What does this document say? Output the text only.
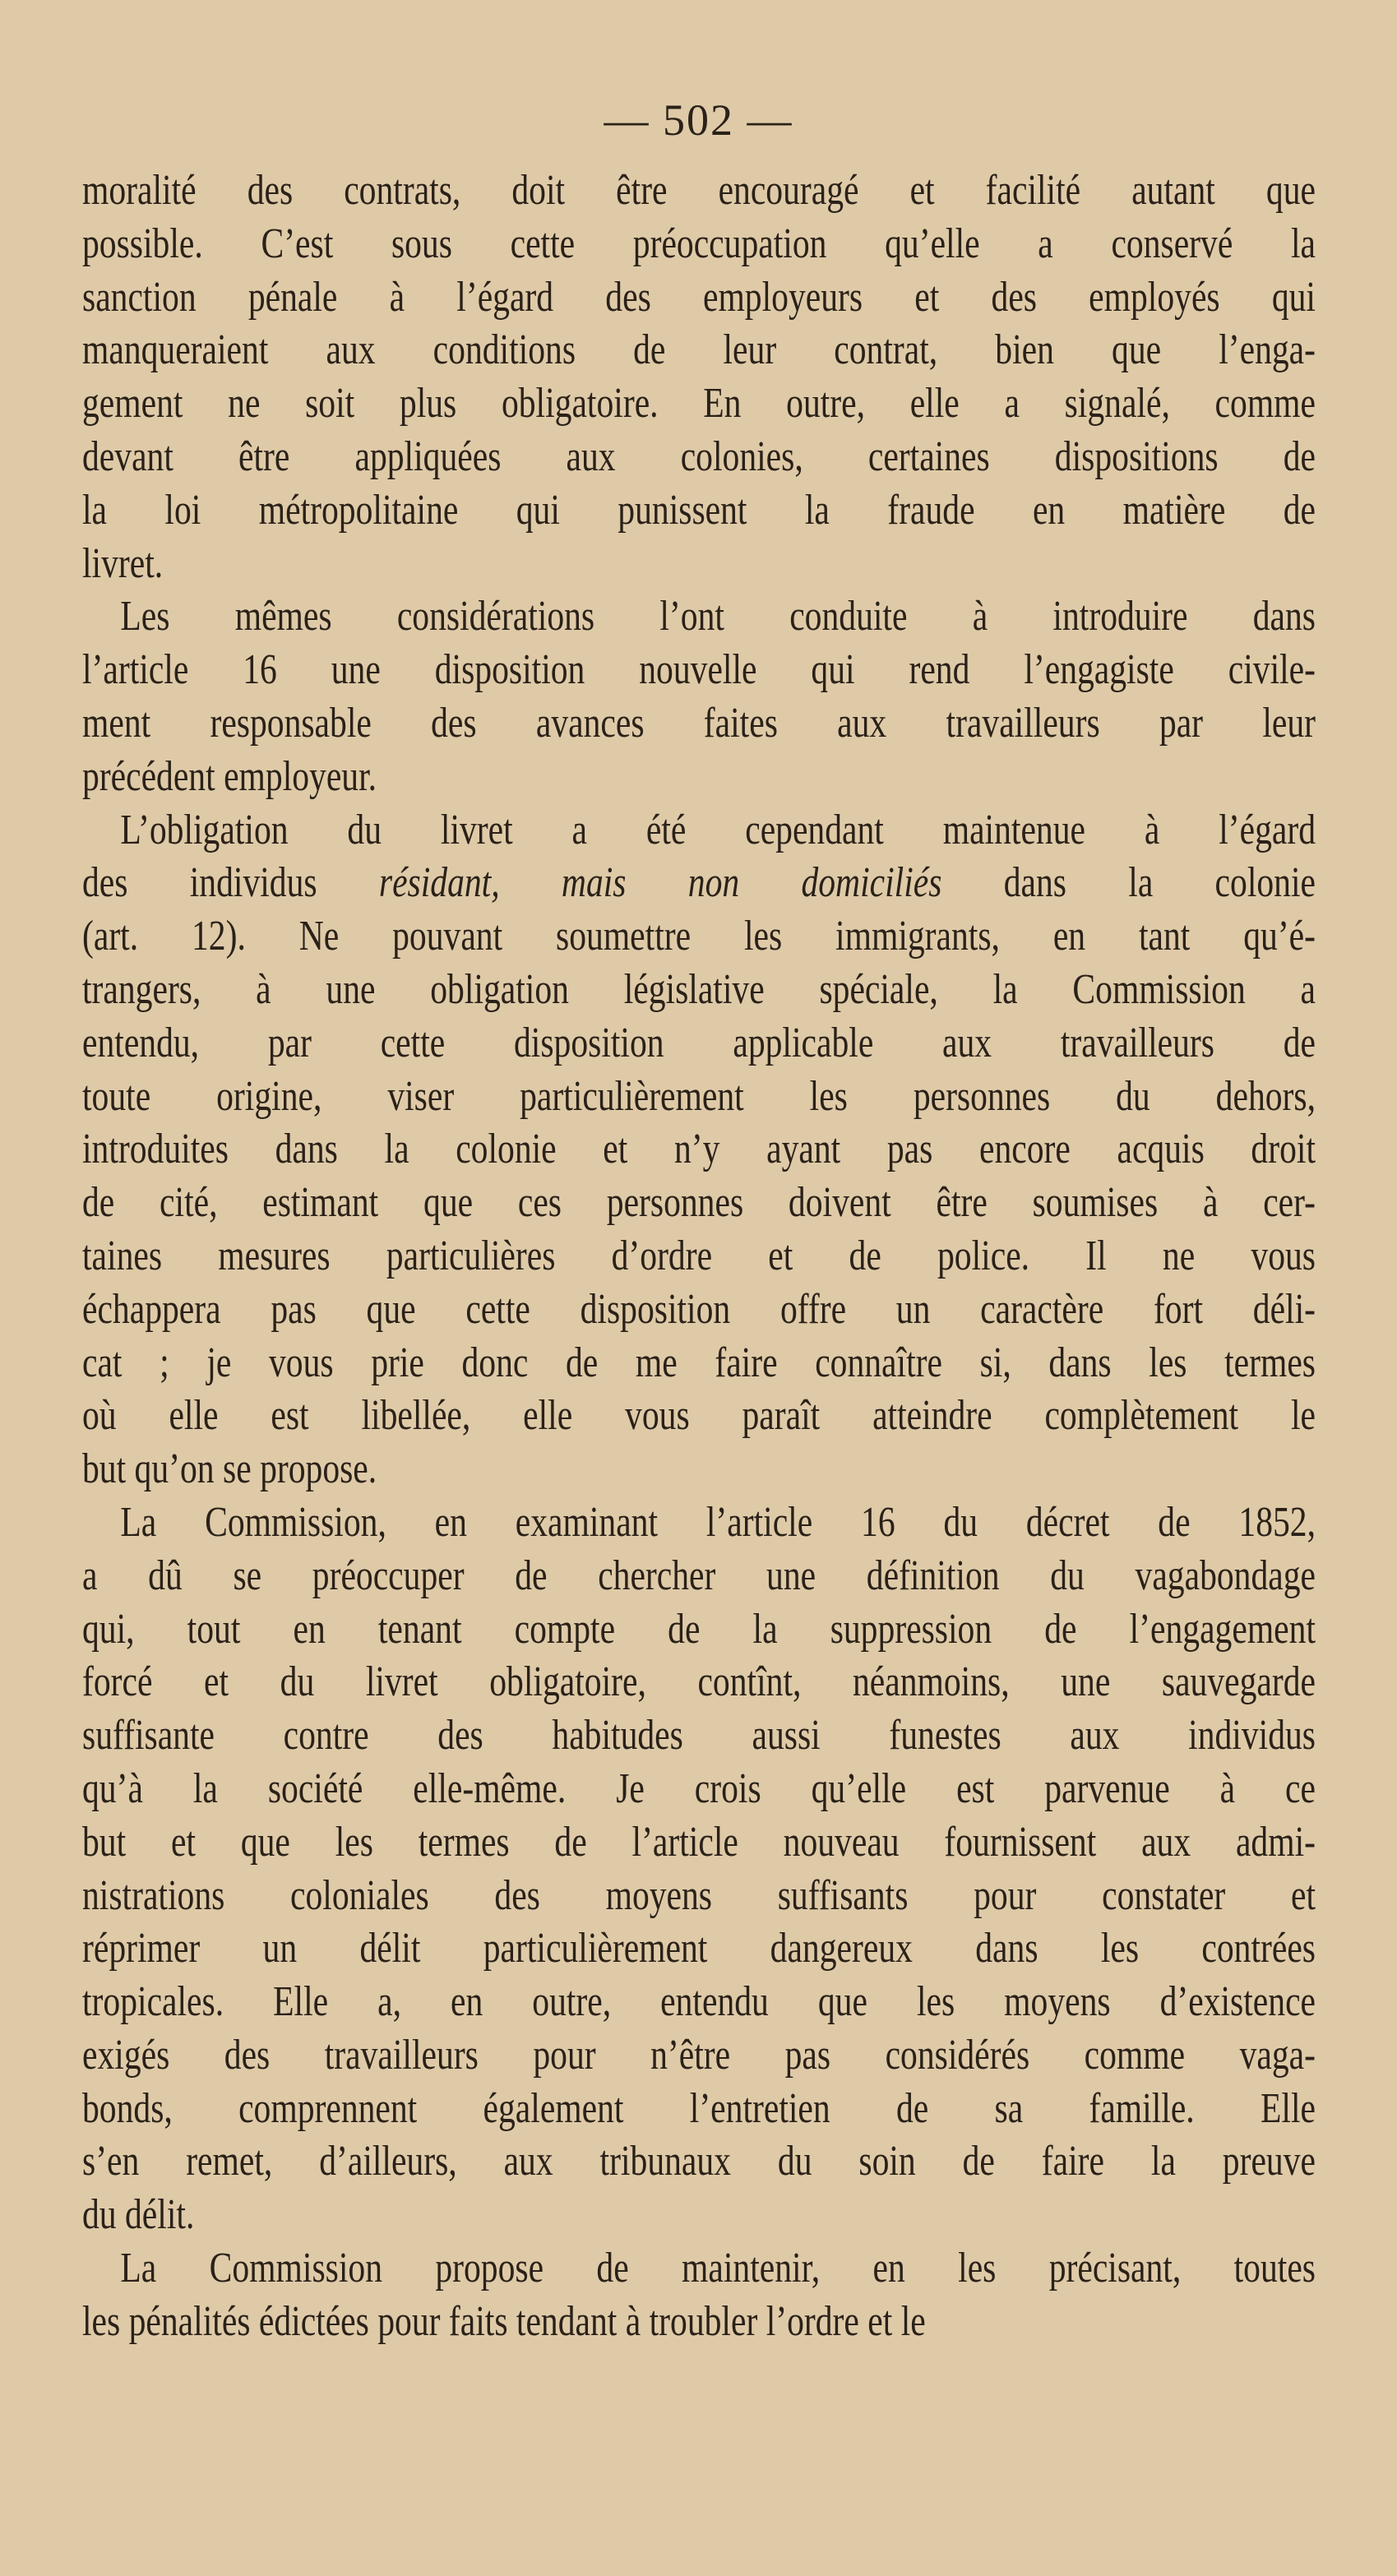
— 502 —
moralité des contrats, doit être encouragé et facilité autant que
possible. C’est sous cette préoccupation qu’elle a conservé la
sanction pénale à l’égard des employeurs et des employés qui
manqueraient aux conditions de leur contrat, bien que l’enga-
gement ne soit plus obligatoire. En outre, elle a signalé, comme
devant être appliquées aux colonies, certaines dispositions de
la loi métropolitaine qui punissent la fraude en matière de
livret.
Les mêmes considérations l’ont conduite à introduire dans
l’article 16 une disposition nouvelle qui rend l’engagiste civile-
ment responsable des avances faites aux travailleurs par leur
précédent employeur.
L’obligation du livret a été cependant maintenue à l’égard
des individus résidant, mais non domiciliés dans la colonie
(art. 12). Ne pouvant soumettre les immigrants, en tant qu’é-
trangers, à une obligation législative spéciale, la Commission a
entendu, par cette disposition applicable aux travailleurs de
toute origine, viser particulièrement les personnes du dehors,
introduites dans la colonie et n’y ayant pas encore acquis droit
de cité, estimant que ces personnes doivent être soumises à cer-
taines mesures particulières d’ordre et de police. Il ne vous
échappera pas que cette disposition offre un caractère fort déli-
cat ; je vous prie donc de me faire connaître si, dans les termes
où elle est libellée, elle vous paraît atteindre complètement le
but qu’on se propose.
La Commission, en examinant l’article 16 du décret de 1852,
a dû se préoccuper de chercher une définition du vagabondage
qui, tout en tenant compte de la suppression de l’engagement
forcé et du livret obligatoire, contînt, néanmoins, une sauvegarde
suffisante contre des habitudes aussi funestes aux individus
qu’à la société elle-même. Je crois qu’elle est parvenue à ce
but et que les termes de l’article nouveau fournissent aux admi-
nistrations coloniales des moyens suffisants pour constater et
réprimer un délit particulièrement dangereux dans les contrées
tropicales. Elle a, en outre, entendu que les moyens d’existence
exigés des travailleurs pour n’être pas considérés comme vaga-
bonds, comprennent également l’entretien de sa famille. Elle
s’en remet, d’ailleurs, aux tribunaux du soin de faire la preuve
du délit.
La Commission propose de maintenir, en les précisant, toutes
les pénalités édictées pour faits tendant à troubler l’ordre et le
